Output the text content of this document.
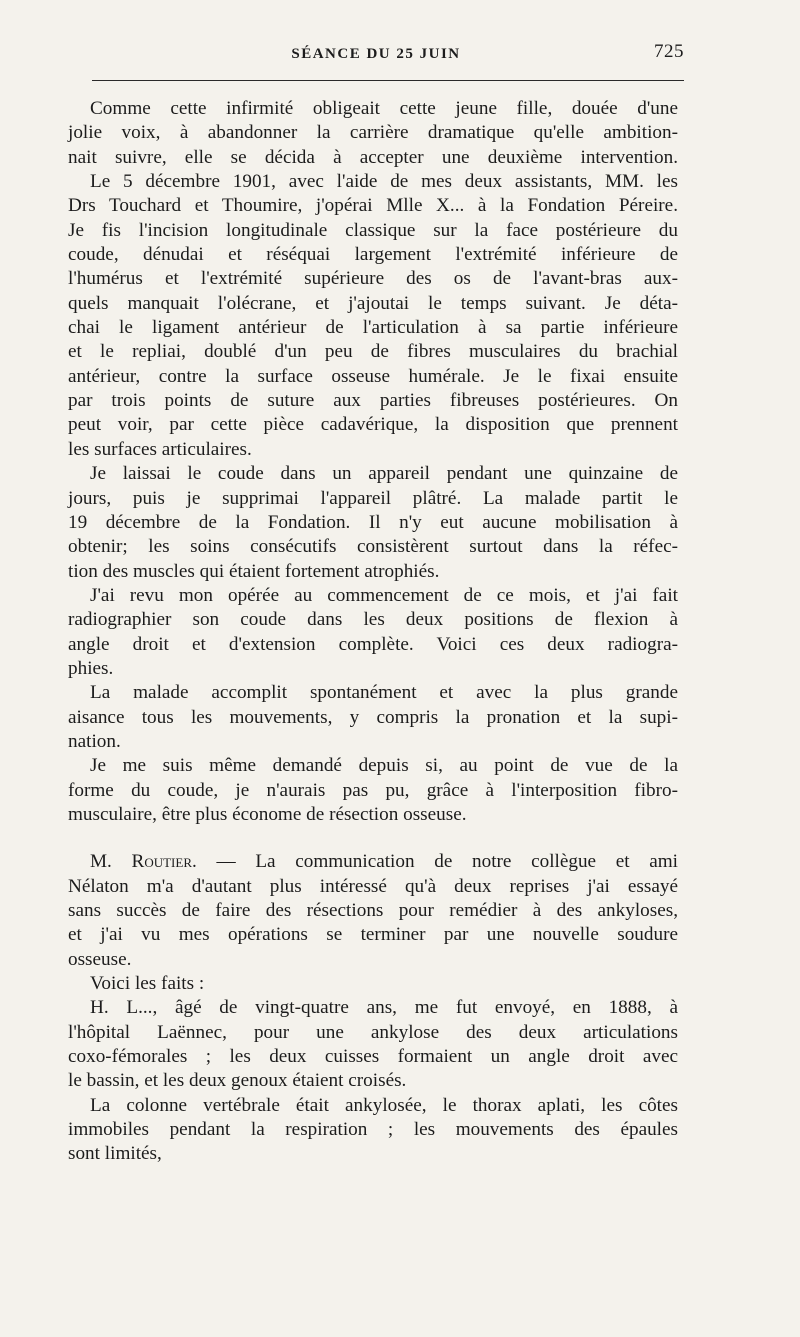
SÉANCE DU 25 JUIN	725
Comme cette infirmité obligeait cette jeune fille, douée d'une
jolie voix, à abandonner la carrière dramatique qu'elle ambition-
nait suivre, elle se décida à accepter une deuxième intervention.
Le 5 décembre 1901, avec l'aide de mes deux assistants, MM. les
Drs Touchard et Thoumire, j'opérai Mlle X... à la Fondation Péreire.
Je fis l'incision longitudinale classique sur la face postérieure du
coude, dénudai et réséquai largement l'extrémité inférieure de
l'humérus et l'extrémité supérieure des os de l'avant-bras aux-
quels manquait l'olécrane, et j'ajoutai le temps suivant. Je déta-
chai le ligament antérieur de l'articulation à sa partie inférieure
et le repliai, doublé d'un peu de fibres musculaires du brachial
antérieur, contre la surface osseuse humérale. Je le fixai ensuite
par trois points de suture aux parties fibreuses postérieures. On
peut voir, par cette pièce cadavérique, la disposition que prennent
les surfaces articulaires.
Je laissai le coude dans un appareil pendant une quinzaine de
jours, puis je supprimai l'appareil plâtré. La malade partit le
19 décembre de la Fondation. Il n'y eut aucune mobilisation à
obtenir; les soins consécutifs consistèrent surtout dans la réfec-
tion des muscles qui étaient fortement atrophiés.
J'ai revu mon opérée au commencement de ce mois, et j'ai fait
radiographier son coude dans les deux positions de flexion à
angle droit et d'extension complète. Voici ces deux radiogra-
phies.
La malade accomplit spontanément et avec la plus grande
aisance tous les mouvements, y compris la pronation et la supi-
nation.
Je me suis même demandé depuis si, au point de vue de la
forme du coude, je n'aurais pas pu, grâce à l'interposition fibro-
musculaire, être plus économe de résection osseuse.
M. Routier. — La communication de notre collègue et ami
Nélaton m'a d'autant plus intéressé qu'à deux reprises j'ai essayé
sans succès de faire des résections pour remédier à des ankyloses,
et j'ai vu mes opérations se terminer par une nouvelle soudure
osseuse.
Voici les faits :
H. L..., âgé de vingt-quatre ans, me fut envoyé, en 1888, à
l'hôpital Laënnec, pour une ankylose des deux articulations
coxo-fémorales ; les deux cuisses formaient un angle droit avec
le bassin, et les deux genoux étaient croisés.
La colonne vertébrale était ankylosée, le thorax aplati, les côtes
immobiles pendant la respiration ; les mouvements des épaules
sont limités,
